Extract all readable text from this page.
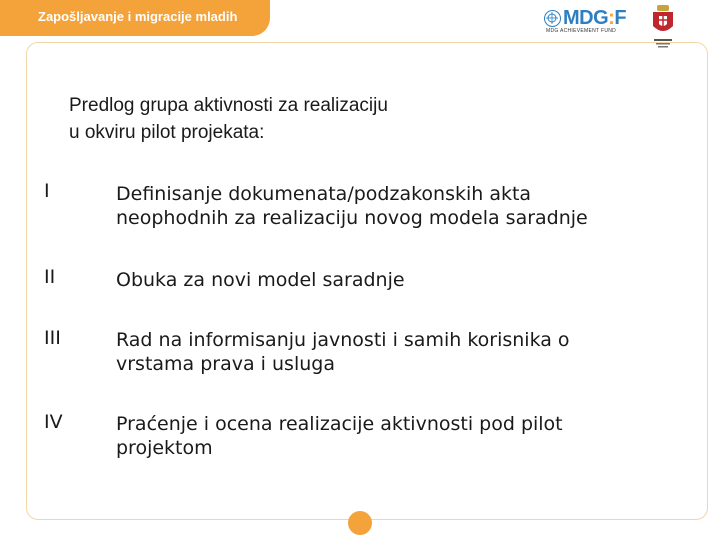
Zapošljavanje i migracije mladih	MDG:F
MDG ACHIEVEMENT FUND
Predlog grupa aktivnosti za realizaciju
u okviru pilot projekata:
I	Definisanje dokumenata/podzakonskih akta
neophodnih za realizaciju novog modela saradnje
II	Obuka za novi model saradnje
III	Rad na informisanju javnosti i samih korisnika o
vrstama prava i usluga
IV	Praćenje i ocena realizacije aktivnosti pod pilot
projektom
